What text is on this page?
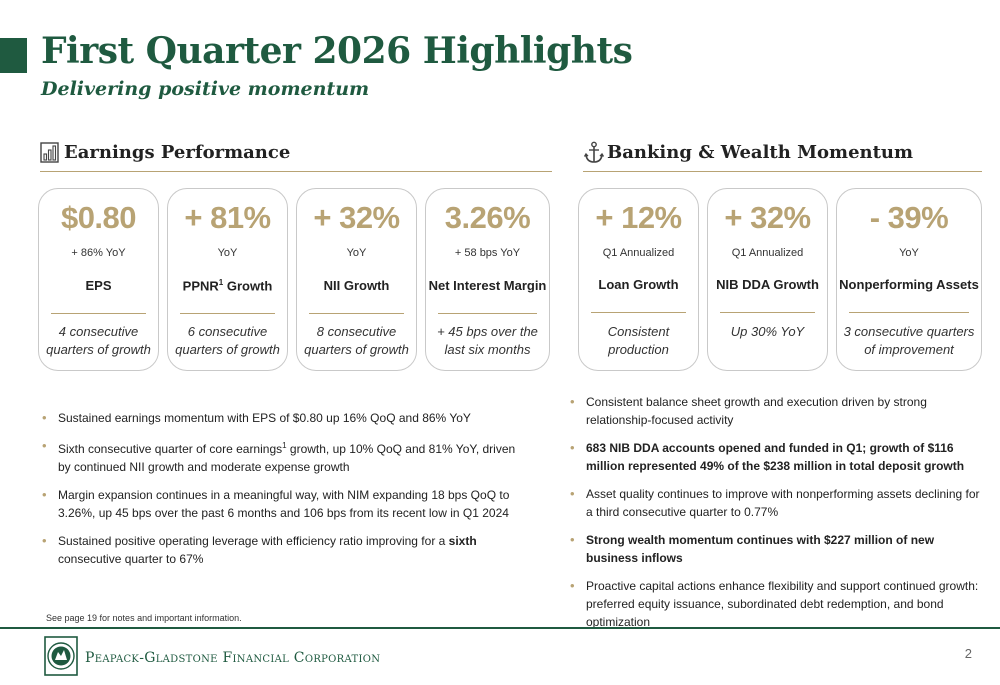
First Quarter 2026 Highlights
Delivering positive momentum
Earnings Performance	Banking & Wealth Momentum
$0.80
+ 86% YoY
EPS
4 consecutive quarters of growth
+ 81%
YoY
PPNR$^1$ Growth
6 consecutive quarters of growth
+ 32%
YoY
NII Growth
8 consecutive quarters of growth
3.26%
+ 58 bps YoY
Net Interest Margin
+ 45 bps over the last six months
+ 12%
Q1 Annualized
Loan Growth
Consistent production
+ 32%
Q1 Annualized
NIB DDA Growth
Up 30% YoY
- 39%
YoY
Nonperforming Assets
3 consecutive quarters of improvement
• Sustained earnings momentum with EPS of $0.80 up 16% QoQ and 86% YoY
• Sixth consecutive quarter of core earnings$^1$ growth, up 10% QoQ and 81% YoY, driven by continued NII growth and moderate expense growth
• Margin expansion continues in a meaningful way, with NIM expanding 18 bps QoQ to 3.26%, up 45 bps over the past 6 months and 106 bps from its recent low in Q1 2024
• Sustained positive operating leverage with efficiency ratio improving for a sixth consecutive quarter to 67%
• Consistent balance sheet growth and execution driven by strong relationship-focused activity
• 683 NIB DDA accounts opened and funded in Q1; growth of $116 million represented 49% of the $238 million in total deposit growth
• Asset quality continues to improve with nonperforming assets declining for a third consecutive quarter to 0.77%
• Strong wealth momentum continues with $227 million of new business inflows
• Proactive capital actions enhance flexibility and support continued growth: preferred equity issuance, subordinated debt redemption, and bond optimization
See page 19 for notes and important information.
Peapack-Gladstone Financial Corporation	2
